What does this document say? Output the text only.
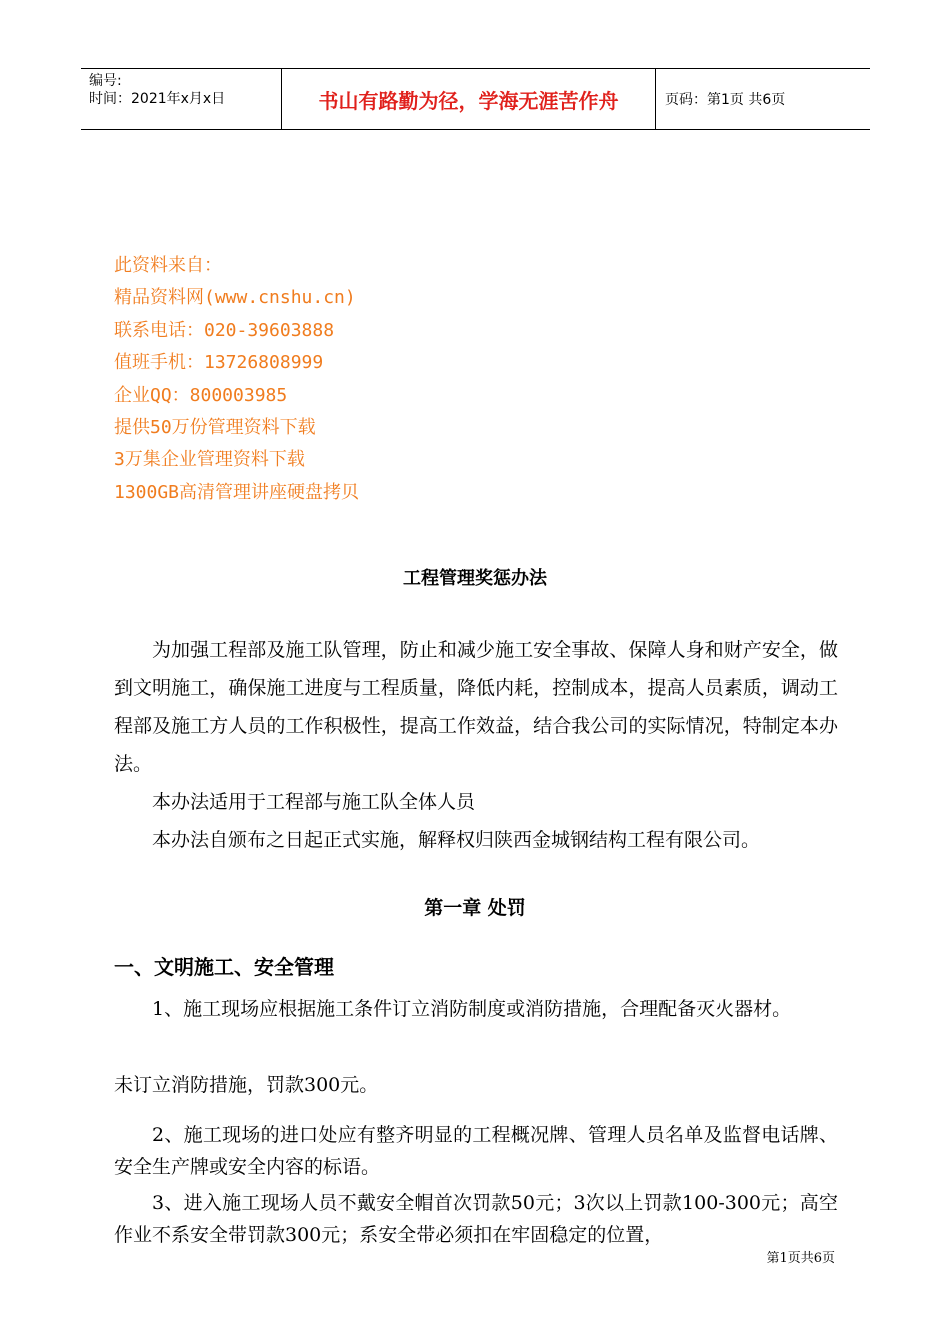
编号:
时间：2021年x月x日	书山有路勤为径，学海无涯苦作舟	页码：第1页 共6页
此资料来自：
精品资料网(www.cnshu.cn)
联系电话：020-39603888
值班手机：13726808999
企业QQ：800003985
提供50万份管理资料下载
3万集企业管理资料下载
1300GB高清管理讲座硬盘拷贝
工程管理奖惩办法

为加强工程部及施工队管理，防止和减少施工安全事故、保障人身和财产安全，做到文明施工，确保施工进度与工程质量，降低内耗，控制成本，提高人员素质，调动工程部及施工方人员的工作积极性，提高工作效益，结合我公司的实际情况，特制定本办法。

本办法适用于工程部与施工队全体人员

本办法自颁布之日起正式实施，解释权归陕西金城钢结构工程有限公司。

第一章 处罚
一、文明施工、安全管理

1、施工现场应根据施工条件订立消防制度或消防措施，合理配备灭火器材。

未订立消防措施，罚款300元。

2、施工现场的进口处应有整齐明显的工程概况牌、管理人员名单及监督电话牌、安全生产牌或安全内容的标语。

3、进入施工现场人员不戴安全帽首次罚款50元；3次以上罚款100-300元；高空作业不系安全带罚款300元；系安全带必须扣在牢固稳定的位置，

第1页共6页
